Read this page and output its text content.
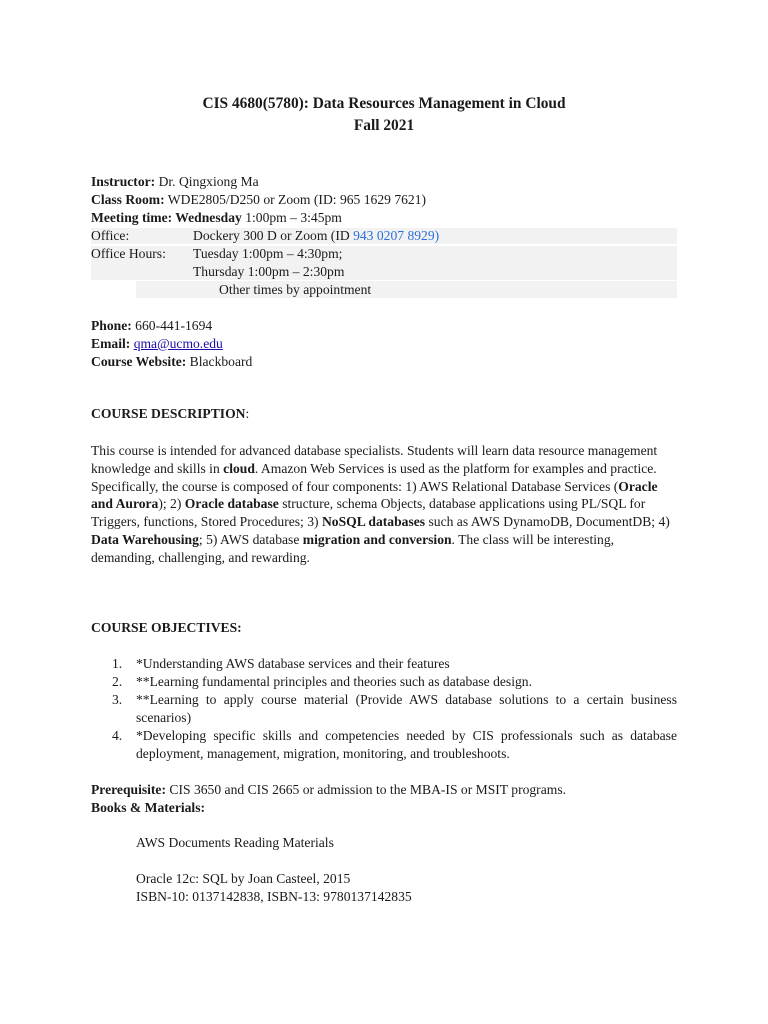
CIS 4680(5780): Data Resources Management in Cloud
Fall 2021
Instructor: Dr. Qingxiong Ma
Class Room: WDE2805/D250 or Zoom (ID: 965 1629 7621)
Meeting time: Wednesday 1:00pm – 3:45pm
Office:	Dockery 300 D or Zoom (ID 943 0207 8929)
Office Hours: Tuesday 1:00pm – 4:30pm;
Thursday 1:00pm – 2:30pm
Other times by appointment
Phone: 660-441-1694
Email: qma@ucmo.edu
Course Website: Blackboard
COURSE DESCRIPTION:
This course is intended for advanced database specialists. Students will learn data resource management knowledge and skills in cloud. Amazon Web Services is used as the platform for examples and practice. Specifically, the course is composed of four components: 1) AWS Relational Database Services (Oracle and Aurora); 2) Oracle database structure, schema Objects, database applications using PL/SQL for Triggers, functions, Stored Procedures; 3) NoSQL databases such as AWS DynamoDB, DocumentDB; 4) Data Warehousing; 5) AWS database migration and conversion. The class will be interesting, demanding, challenging, and rewarding.
COURSE OBJECTIVES:
1. *Understanding AWS database services and their features
2. **Learning fundamental principles and theories such as database design.
3. **Learning to apply course material (Provide AWS database solutions to a certain business scenarios)
4. *Developing specific skills and competencies needed by CIS professionals such as database deployment, management, migration, monitoring, and troubleshoots.
Prerequisite: CIS 3650 and CIS 2665 or admission to the MBA-IS or MSIT programs.
Books & Materials:
AWS Documents Reading Materials
Oracle 12c: SQL by Joan Casteel, 2015
ISBN-10: 0137142838, ISBN-13: 9780137142835
